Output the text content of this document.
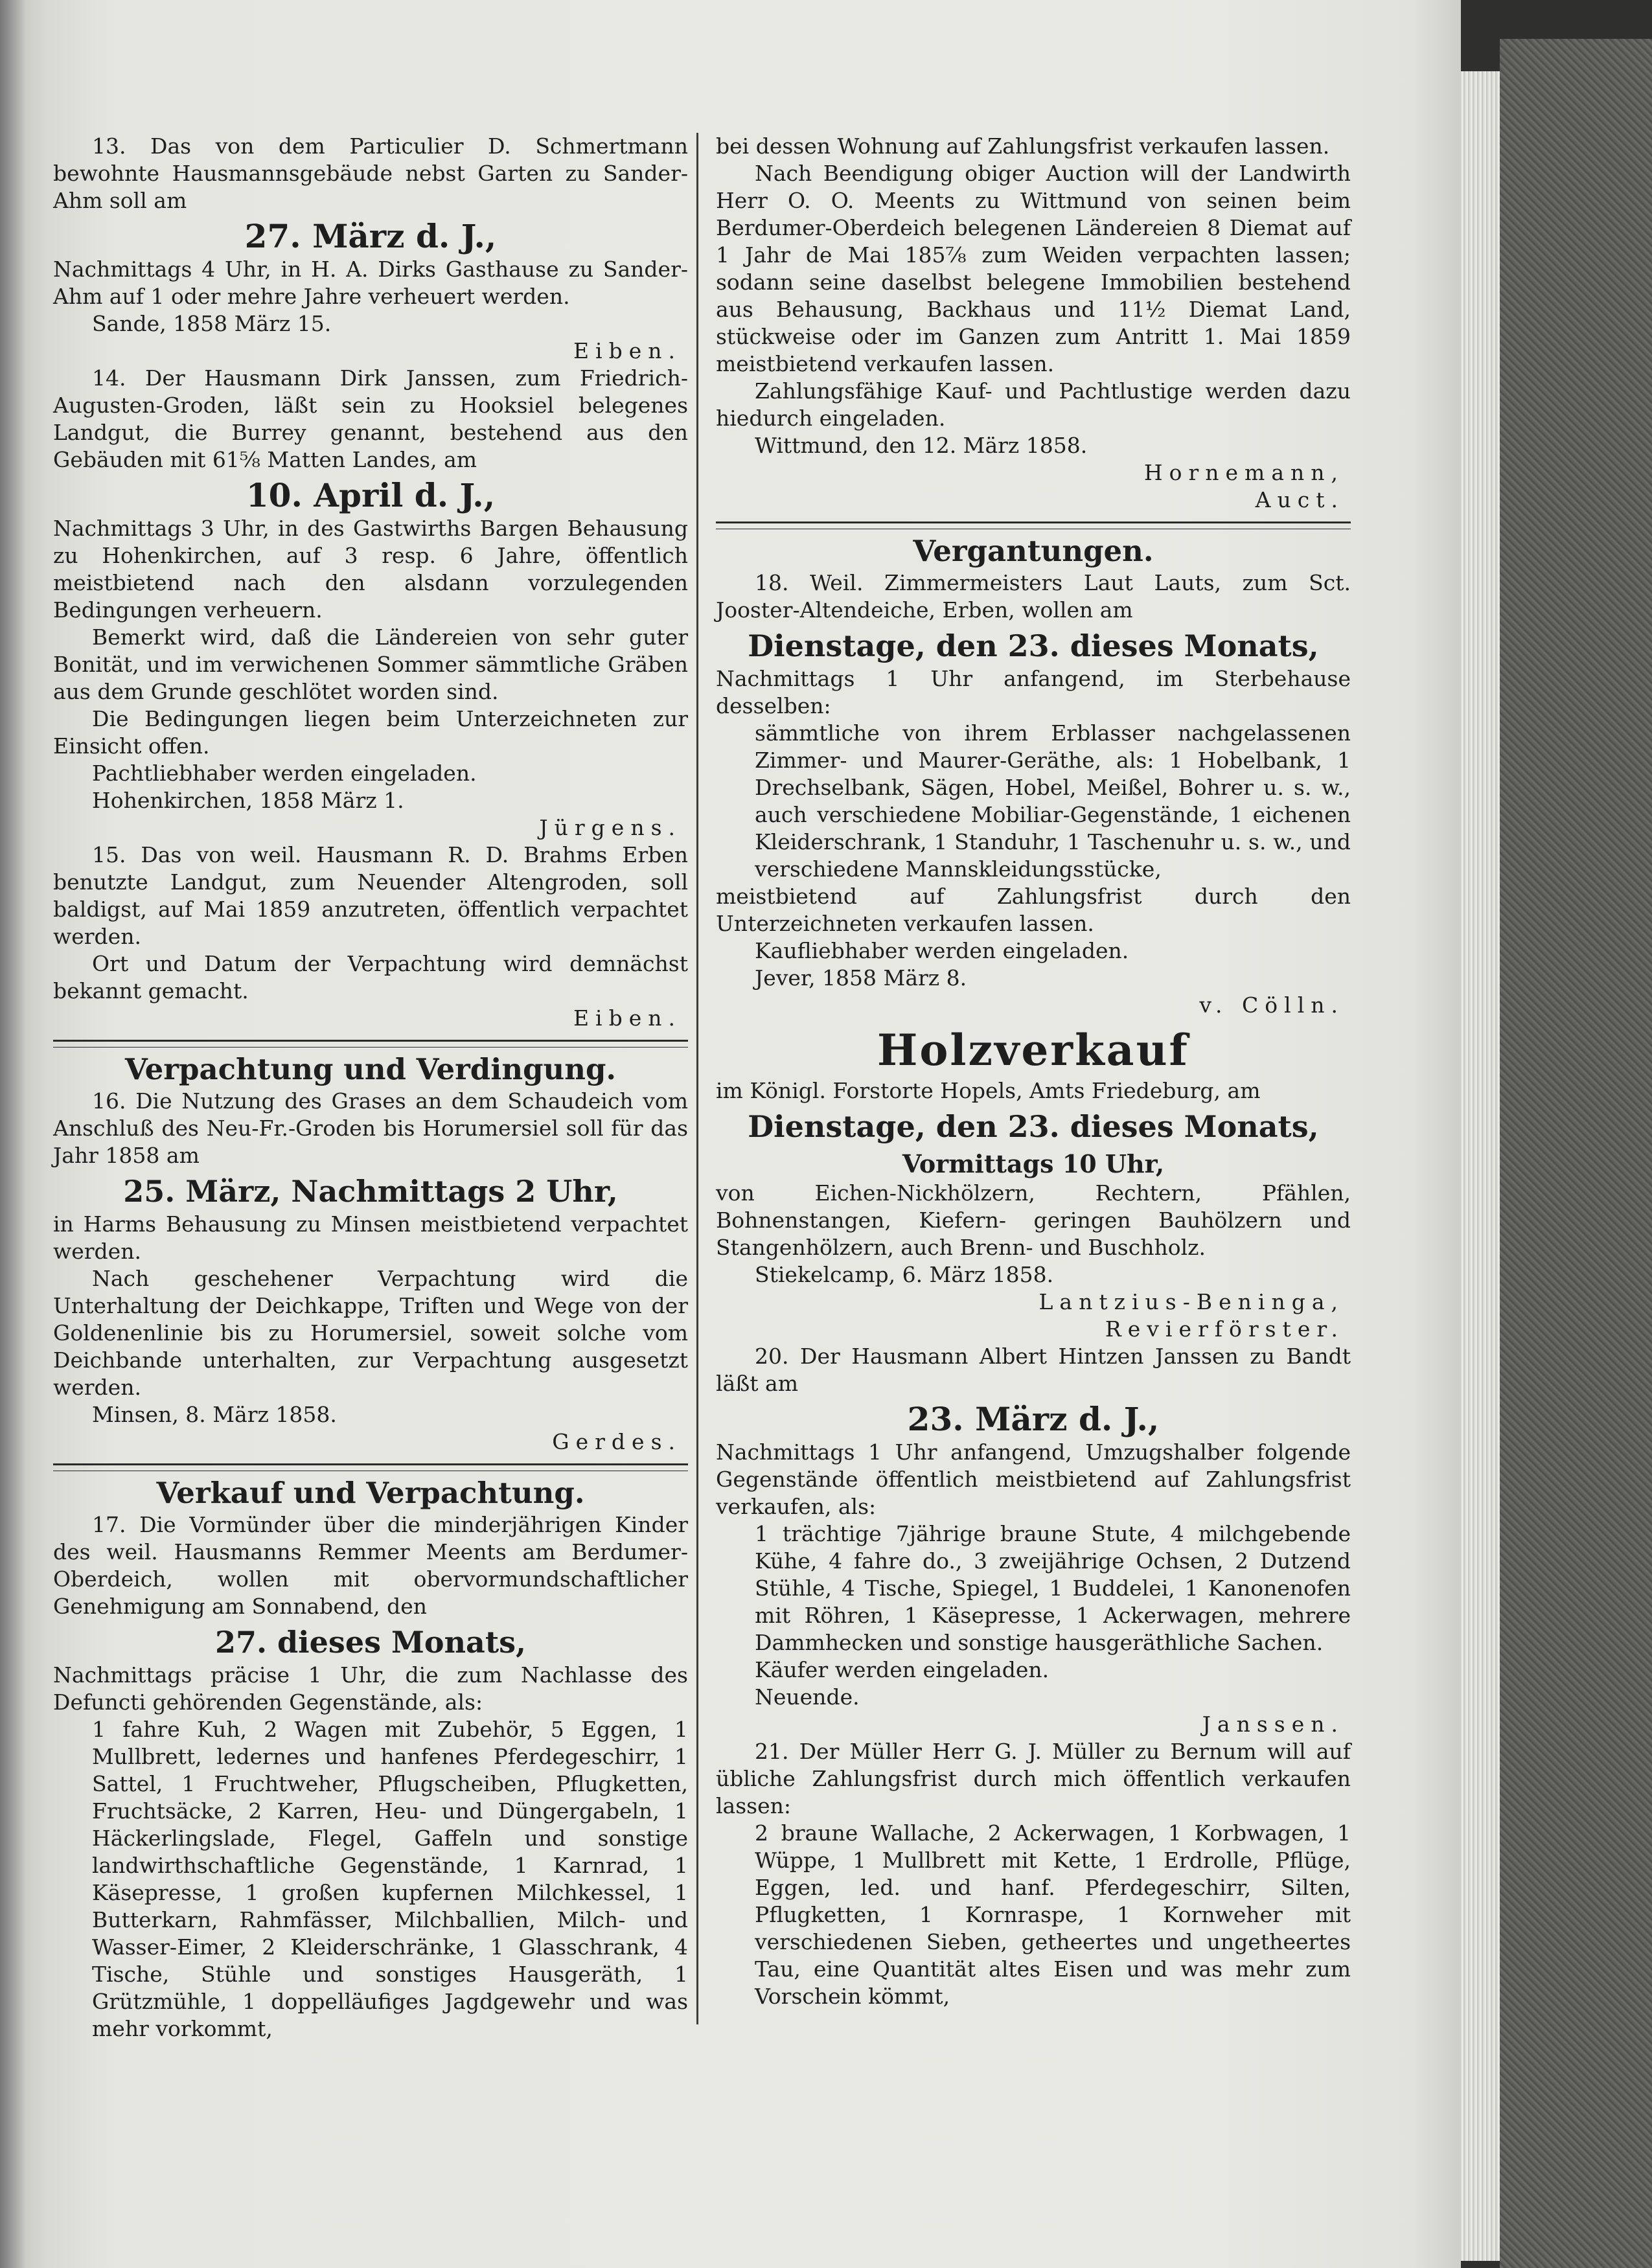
13. Das von dem Particulier D. Schmertmann bewohnte Hausmannsgebäude nebst Garten zu Sander-Ahm soll am

27. März d. J.,

Nachmittags 4 Uhr, in H. A. Dirks Gasthause zu Sander-Ahm auf 1 oder mehre Jahre verheuert werden.

Sande, 1858 März 15.

Eiben.

14. Der Hausmann Dirk Janssen, zum Friedrich-Augusten-Groden, läßt sein zu Hooksiel belegenes Landgut, die Burrey genannt, bestehend aus den Gebäuden mit 61⅝ Matten Landes, am

10. April d. J.,

Nachmittags 3 Uhr, in des Gastwirths Bargen Behausung zu Hohenkirchen, auf 3 resp. 6 Jahre, öffentlich meistbietend nach den alsdann vorzulegenden Bedingungen verheuern.

Bemerkt wird, daß die Ländereien von sehr guter Bonität, und im verwichenen Sommer sämmtliche Gräben aus dem Grunde geschlötet worden sind.

Die Bedingungen liegen beim Unterzeichneten zur Einsicht offen.

Pachtliebhaber werden eingeladen.

Hohenkirchen, 1858 März 1.

Jürgens.

15. Das von weil. Hausmann R. D. Brahms Erben benutzte Landgut, zum Neuender Altengroden, soll baldigst, auf Mai 1859 anzutreten, öffentlich verpachtet werden.

Ort und Datum der Verpachtung wird demnächst bekannt gemacht.

Eiben.

Verpachtung und Verdingung.

16. Die Nutzung des Grases an dem Schaudeich vom Anschluß des Neu-Fr.-Groden bis Horumersiel soll für das Jahr 1858 am

25. März, Nachmittags 2 Uhr,

in Harms Behausung zu Minsen meistbietend verpachtet werden.

Nach geschehener Verpachtung wird die Unterhaltung der Deichkappe, Triften und Wege von der Goldenenlinie bis zu Horumersiel, soweit solche vom Deichbande unterhalten, zur Verpachtung ausgesetzt werden.

Minsen, 8. März 1858.

Gerdes.

Verkauf und Verpachtung.

17. Die Vormünder über die minderjährigen Kinder des weil. Hausmanns Remmer Meents am Berdumer-Oberdeich, wollen mit obervormundschaftlicher Genehmigung am Sonnabend, den

27. dieses Monats,

Nachmittags präcise 1 Uhr, die zum Nachlasse des Defuncti gehörenden Gegenstände, als:

1 fahre Kuh, 2 Wagen mit Zubehör, 5 Eggen, 1 Mullbrett, ledernes und hanfenes Pferdegeschirr, 1 Sattel, 1 Fruchtweher, Pflugscheiben, Pflugketten, Fruchtsäcke, 2 Karren, Heu- und Düngergabeln, 1 Häckerlingslade, Flegel, Gaffeln und sonstige landwirthschaftliche Gegenstände, 1 Karnrad, 1 Käsepresse, 1 großen kupfernen Milchkessel, 1 Butterkarn, Rahmfässer, Milchballien, Milch- und Wasser-Eimer, 2 Kleiderschränke, 1 Glasschrank, 4 Tische, Stühle und sonstiges Hausgeräth, 1 Grützmühle, 1 doppelläufiges Jagdgewehr und was mehr vorkommt,

bei dessen Wohnung auf Zahlungsfrist verkaufen lassen.

Nach Beendigung obiger Auction will der Landwirth Herr O. O. Meents zu Wittmund von seinen beim Berdumer-Oberdeich belegenen Ländereien 8 Diemat auf 1 Jahr de Mai 185⅞ zum Weiden verpachten lassen; sodann seine daselbst belegene Immobilien bestehend aus Behausung, Backhaus und 11½ Diemat Land, stückweise oder im Ganzen zum Antritt 1. Mai 1859 meistbietend verkaufen lassen.

Zahlungsfähige Kauf- und Pachtlustige werden dazu hiedurch eingeladen.

Wittmund, den 12. März 1858.

Hornemann,

Auct.

Vergantungen.

18. Weil. Zimmermeisters Laut Lauts, zum Sct. Jooster-Altendeiche, Erben, wollen am

Dienstage, den 23. dieses Monats,

Nachmittags 1 Uhr anfangend, im Sterbehause desselben:

sämmtliche von ihrem Erblasser nachgelassenen Zimmer- und Maurer-Geräthe, als: 1 Hobelbank, 1 Drechselbank, Sägen, Hobel, Meißel, Bohrer u. s. w., auch verschiedene Mobiliar-Gegenstände, 1 eichenen Kleiderschrank, 1 Standuhr, 1 Taschenuhr u. s. w., und verschiedene Mannskleidungsstücke,

meistbietend auf Zahlungsfrist durch den Unterzeichneten verkaufen lassen.

Kaufliebhaber werden eingeladen.

Jever, 1858 März 8.

v. Cölln.

Holzverkauf

im Königl. Forstorte Hopels, Amts Friedeburg, am

Dienstage, den 23. dieses Monats,
Vormittags 10 Uhr,

von Eichen-Nickhölzern, Rechtern, Pfählen, Bohnenstangen, Kiefern- geringen Bauhölzern und Stangenhölzern, auch Brenn- und Buschholz.

Stiekelcamp, 6. März 1858.

Lantzius-Beninga,

Revierförster.

20. Der Hausmann Albert Hintzen Janssen zu Bandt läßt am

23. März d. J.,

Nachmittags 1 Uhr anfangend, Umzugshalber folgende Gegenstände öffentlich meistbietend auf Zahlungsfrist verkaufen, als:

1 trächtige 7jährige braune Stute, 4 milchgebende Kühe, 4 fahre do., 3 zweijährige Ochsen, 2 Dutzend Stühle, 4 Tische, Spiegel, 1 Buddelei, 1 Kanonenofen mit Röhren, 1 Käsepresse, 1 Ackerwagen, mehrere Dammhecken und sonstige hausgeräthliche Sachen.

Käufer werden eingeladen.

Neuende.

Janssen.

21. Der Müller Herr G. J. Müller zu Bernum will auf übliche Zahlungsfrist durch mich öffentlich verkaufen lassen:

2 braune Wallache, 2 Ackerwagen, 1 Korbwagen, 1 Wüppe, 1 Mullbrett mit Kette, 1 Erdrolle, Pflüge, Eggen, led. und hanf. Pferdegeschirr, Silten, Pflugketten, 1 Kornraspe, 1 Kornweher mit verschiedenen Sieben, getheertes und ungetheertes Tau, eine Quantität altes Eisen und was mehr zum Vorschein kömmt,
